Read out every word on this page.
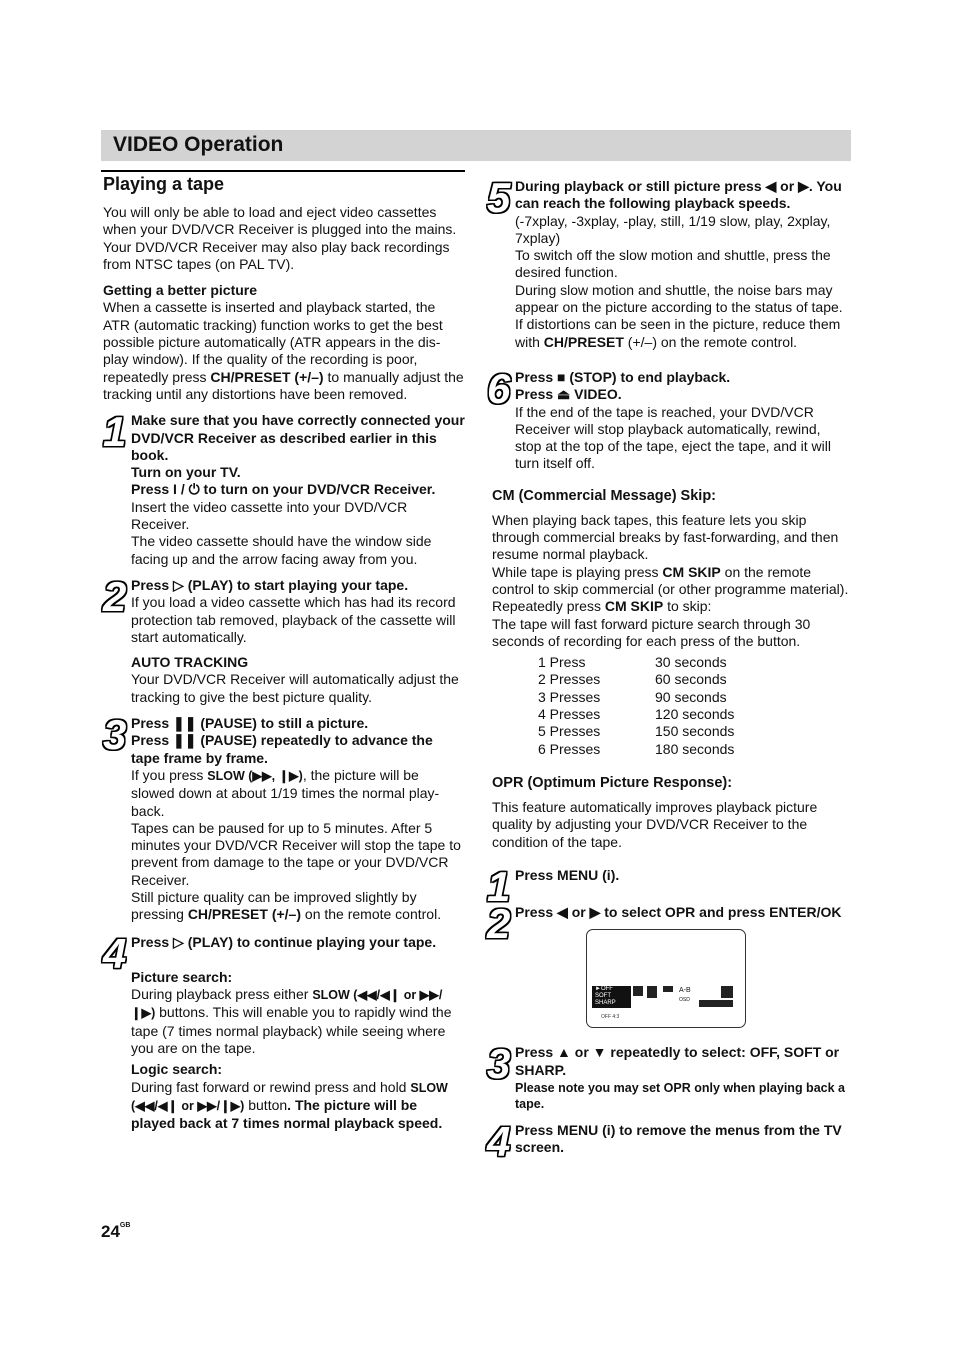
VIDEO Operation
Playing a tape

You will only be able to load and eject video cassettes when your DVD/VCR Receiver is plugged into the mains.

Your DVD/VCR Receiver may also play back recordings from NTSC tapes (on PAL TV).

Getting a better picture

When a cassette is inserted and playback started, the ATR (automatic tracking) function works to get the best possible picture automatically (ATR appears in the dis-play window). If the quality of the recording is poor, repeatedly press CH/PRESET (+/–) to manually adjust the tracking until any distortions have been removed.

1 Make sure that you have correctly connected your DVD/VCR Receiver as described earlier in this book.

Turn on your TV.

Press I / ⏻ to turn on your DVD/VCR Receiver.

Insert the video cassette into your DVD/VCR Receiver.

The video cassette should have the window side facing up and the arrow facing away from you.

2 Press ▷ (PLAY) to start playing your tape.

If you load a video cassette which has had its record protection tab removed, playback of the cassette will start automatically.

AUTO TRACKING

Your DVD/VCR Receiver will automatically adjust the tracking to give the best picture quality.

3 Press ❚❚ (PAUSE) to still a picture.

Press ❚❚ (PAUSE) repeatedly to advance the tape frame by frame.

If you press SLOW (▶▶, ❙▶), the picture will be slowed down at about 1/19 times the normal play-back.

Tapes can be paused for up to 5 minutes. After 5 minutes your DVD/VCR Receiver will stop the tape to prevent from damage to the tape or your DVD/VCR Receiver.

Still picture quality can be improved slightly by pressing CH/PRESET (+/–) on the remote control.

4 Press ▷ (PLAY) to continue playing your tape.

Picture search:

During playback press either SLOW (◀◀/◀❙ or ▶▶/❙▶) buttons. This will enable you to rapidly wind the tape (7 times normal playback) while seeing where you are on the tape.

Logic search:

During fast forward or rewind press and hold SLOW (◀◀/◀❙ or ▶▶/❙▶) button. The picture will be played back at 7 times normal playback speed.

5 During playback or still picture press ◀ or ▶. You can reach the following playback speeds.

(-7xplay, -3xplay, -play, still, 1/19 slow, play, 2xplay, 7xplay)

To switch off the slow motion and shuttle, press the desired function.

During slow motion and shuttle, the noise bars may appear on the picture according to the status of tape.

If distortions can be seen in the picture, reduce them with CH/PRESET (+/–) on the remote control.

6 Press ■ (STOP) to end playback.

Press ⏏ VIDEO.

If the end of the tape is reached, your DVD/VCR Receiver will stop playback automatically, rewind, stop at the top of the tape, eject the tape, and it will turn itself off.

CM (Commercial Message) Skip:

When playing back tapes, this feature lets you skip through commercial breaks by fast-forwarding, and then resume normal playback.

While tape is playing press CM SKIP on the remote control to skip commercial (or other programme material).

Repeatedly press CM SKIP to skip:

The tape will fast forward picture search through 30 seconds of recording for each press of the button.

1 Press	30 seconds
2 Presses	60 seconds
3 Presses	90 seconds
4 Presses	120 seconds
5 Presses	150 seconds
6 Presses	180 seconds
OPR (Optimum Picture Response):

This feature automatically improves playback picture quality by adjusting your DVD/VCR Receiver to the condition of the tape.

1 Press MENU (i).

2 Press ◀ or ▶ to select OPR and press ENTER/OK

►OFF
SOFT
SHARP
OFF 4:3
A-B
OSD
3 Press ▲ or ▼ repeatedly to select: OFF, SOFT or SHARP.

Please note you may set OPR only when playing back a tape.

4 Press MENU (i) to remove the menus from the TV screen.

$24^{GB}$
